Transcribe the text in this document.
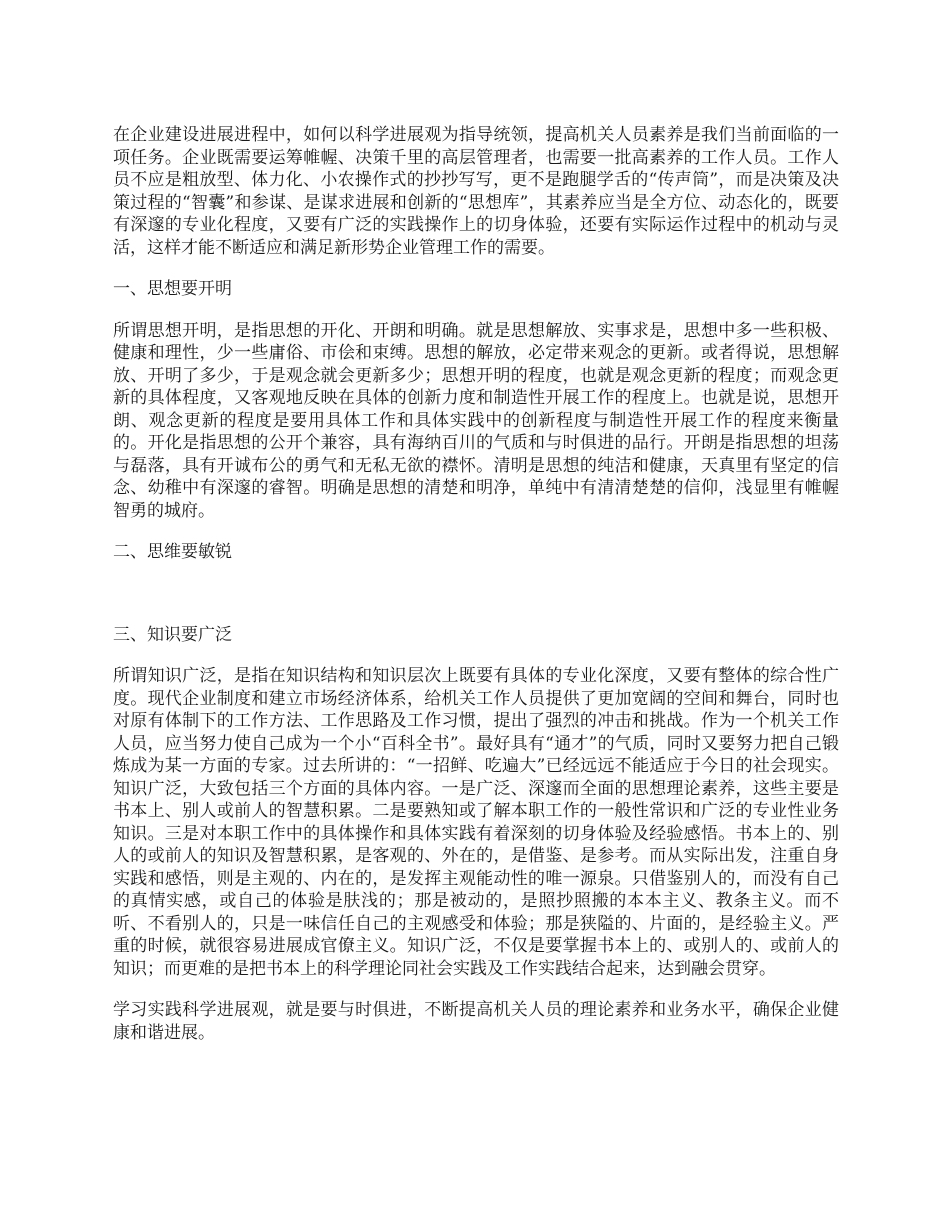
在企业建设进展进程中，如何以科学进展观为指导统领，提高机关人员素养是我们当前面临的一项任务。企业既需要运筹帷幄、决策千里的高层管理者，也需要一批高素养的工作人员。工作人员不应是粗放型、体力化、小农操作式的抄抄写写，更不是跑腿学舌的“传声筒”，而是决策及决策过程的“智囊”和参谋、是谋求进展和创新的“思想库”，其素养应当是全方位、动态化的，既要有深邃的专业化程度，又要有广泛的实践操作上的切身体验，还要有实际运作过程中的机动与灵活，这样才能不断适应和满足新形势企业管理工作的需要。

一、思想要开明

所谓思想开明，是指思想的开化、开朗和明确。就是思想解放、实事求是，思想中多一些积极、健康和理性，少一些庸俗、市侩和束缚。思想的解放，必定带来观念的更新。或者得说，思想解放、开明了多少，于是观念就会更新多少；思想开明的程度，也就是观念更新的程度；而观念更新的具体程度，又客观地反映在具体的创新力度和制造性开展工作的程度上。也就是说，思想开朗、观念更新的程度是要用具体工作和具体实践中的创新程度与制造性开展工作的程度来衡量的。开化是指思想的公开个兼容，具有海纳百川的气质和与时俱进的品行。开朗是指思想的坦荡与磊落，具有开诚布公的勇气和无私无欲的襟怀。清明是思想的纯洁和健康，天真里有坚定的信念、幼稚中有深邃的睿智。明确是思想的清楚和明净，单纯中有清清楚楚的信仰，浅显里有帷幄智勇的城府。

二、思维要敏锐

三、知识要广泛

所谓知识广泛，是指在知识结构和知识层次上既要有具体的专业化深度，又要有整体的综合性广度。现代企业制度和建立市场经济体系，给机关工作人员提供了更加宽阔的空间和舞台，同时也对原有体制下的工作方法、工作思路及工作习惯，提出了强烈的冲击和挑战。作为一个机关工作人员，应当努力使自己成为一个小“百科全书”。最好具有“通才”的气质，同时又要努力把自己锻炼成为某一方面的专家。过去所讲的：“一招鲜、吃遍大”已经远远不能适应于今日的社会现实。知识广泛，大致包括三个方面的具体内容。一是广泛、深邃而全面的思想理论素养，这些主要是书本上、别人或前人的智慧积累。二是要熟知或了解本职工作的一般性常识和广泛的专业性业务知识。三是对本职工作中的具体操作和具体实践有着深刻的切身体验及经验感悟。书本上的、别人的或前人的知识及智慧积累，是客观的、外在的，是借鉴、是参考。而从实际出发，注重自身实践和感悟，则是主观的、内在的，是发挥主观能动性的唯一源泉。只借鉴别人的，而没有自己的真情实感，或自己的体验是肤浅的；那是被动的，是照抄照搬的本本主义、教条主义。而不听、不看别人的，只是一味信任自己的主观感受和体验；那是狭隘的、片面的，是经验主义。严重的时候，就很容易进展成官僚主义。知识广泛，不仅是要掌握书本上的、或别人的、或前人的知识；而更难的是把书本上的科学理论同社会实践及工作实践结合起来，达到融会贯穿。

学习实践科学进展观，就是要与时俱进，不断提高机关人员的理论素养和业务水平，确保企业健康和谐进展。
